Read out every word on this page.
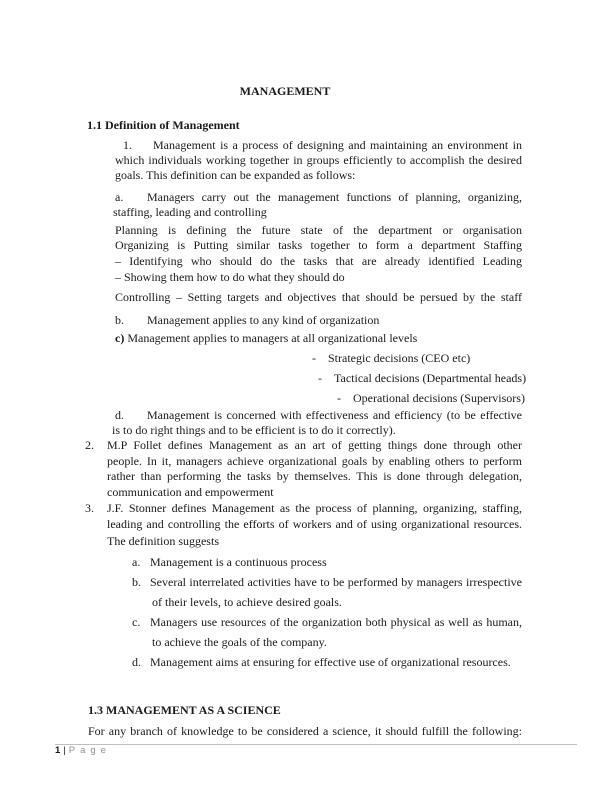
MANAGEMENT
1.1 Definition of Management
1. Management is a process of designing and maintaining an environment in
which individuals working together in groups efficiently to accomplish the desired
goals. This definition can be expanded as follows:
a. Managers carry out the management functions of planning, organizing,
staffing, leading and controlling
Planning is defining the future state of the department or organisation
Organizing is Putting similar tasks together to form a department Staffing
– Identifying who should do the tasks that are already identified Leading
– Showing them how to do what they should do
Controlling – Setting targets and objectives that should be persued by the staff
b. Management applies to any kind of organization
c) Management applies to managers at all organizational levels
- Strategic decisions (CEO etc)
- Tactical decisions (Departmental heads)
- Operational decisions (Supervisors)
d. Management is concerned with effectiveness and efficiency (to be effective
is to do right things and to be efficient is to do it correctly).
2. M.P Follet defines Management as an art of getting things done through other
people. In it, managers achieve organizational goals by enabling others to perform
rather than performing the tasks by themselves. This is done through delegation,
communication and empowerment
3. J.F. Stonner defines Management as the process of planning, organizing, staffing,
leading and controlling the efforts of workers and of using organizational resources.
The definition suggests
a. Management is a continuous process
b. Several interrelated activities have to be performed by managers irrespective
of their levels, to achieve desired goals.
c. Managers use resources of the organization both physical as well as human,
to achieve the goals of the company.
d. Management aims at ensuring for effective use of organizational resources.
1.3 MANAGEMENT AS A SCIENCE
For any branch of knowledge to be considered a science, it should fulfill the following:
1 | Page
